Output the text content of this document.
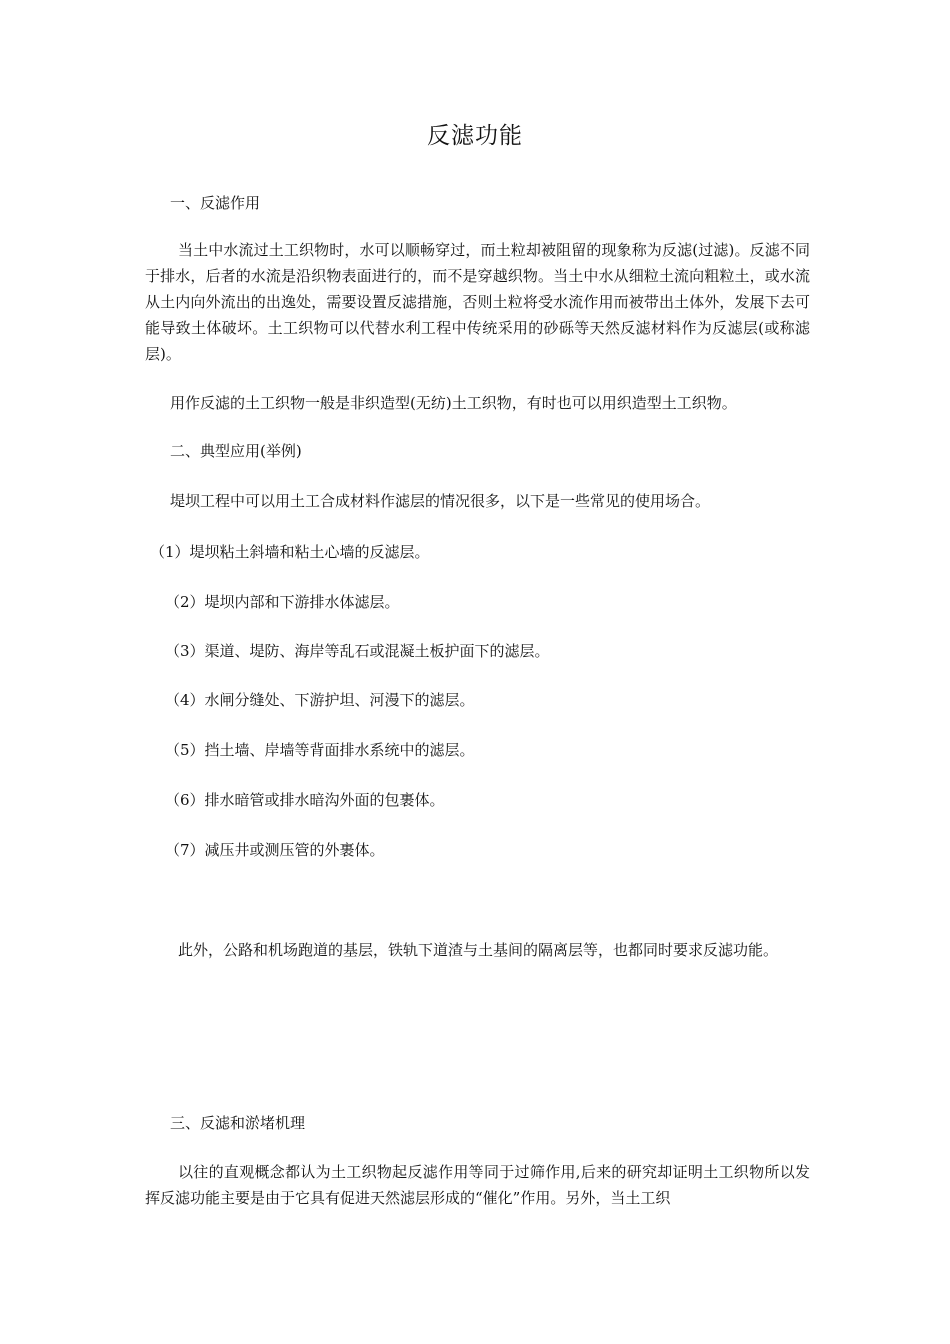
反滤功能
一、反滤作用
当土中水流过土工织物时，水可以顺畅穿过，而土粒却被阻留的现象称为反滤(过滤)。反滤不同于排水，后者的水流是沿织物表面进行的，而不是穿越织物。当土中水从细粒土流向粗粒土，或水流从土内向外流出的出逸处，需要设置反滤措施，否则土粒将受水流作用而被带出土体外，发展下去可能导致土体破坏。土工织物可以代替水利工程中传统采用的砂砾等天然反滤材料作为反滤层(或称滤层)。
用作反滤的土工织物一般是非织造型(无纺)土工织物，有时也可以用织造型土工织物。
二、典型应用(举例)
堤坝工程中可以用土工合成材料作滤层的情况很多，以下是一些常见的使用场合。
（1）堤坝粘土斜墙和粘土心墙的反滤层。
（2）堤坝内部和下游排水体滤层。
（3）渠道、堤防、海岸等乱石或混凝土板护面下的滤层。
（4）水闸分缝处、下游护坦、河漫下的滤层。
（5）挡土墙、岸墙等背面排水系统中的滤层。
（6）排水暗管或排水暗沟外面的包裹体。
（7）减压井或测压管的外裹体。
此外，公路和机场跑道的基层，铁轨下道渣与土基间的隔离层等，也都同时要求反滤功能。
三、反滤和淤堵机理
以往的直观概念都认为土工织物起反滤作用等同于过筛作用,后来的研究却证明土工织物所以发挥反滤功能主要是由于它具有促进天然滤层形成的“催化”作用。另外，当土工织
